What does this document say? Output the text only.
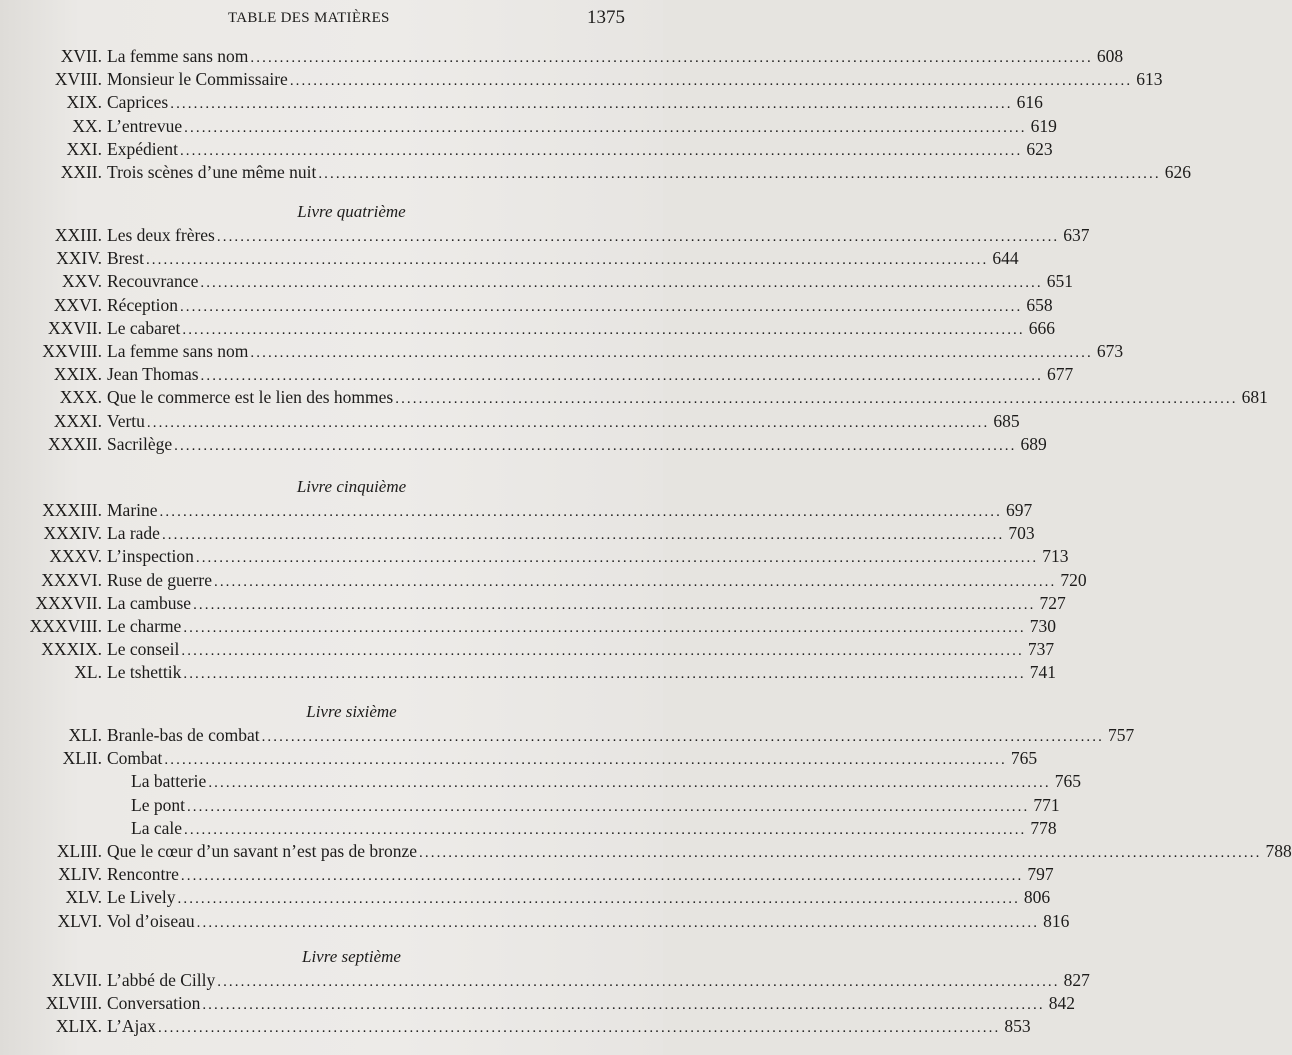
TABLE DES MATIÈRES	1375
XVII. La femme sans nom ................................................................................................................................................ 608
XVIII. Monsieur le Commissaire ................................................................................................................................................ 613
XIX. Caprices ................................................................................................................................................ 616
XX. L’entrevue ................................................................................................................................................ 619
XXI. Expédient ................................................................................................................................................ 623
XXII. Trois scènes d’une même nuit ................................................................................................................................................ 626
Livre quatrième
XXIII. Les deux frères ................................................................................................................................................ 637
XXIV. Brest ................................................................................................................................................ 644
XXV. Recouvrance ................................................................................................................................................ 651
XXVI. Réception ................................................................................................................................................ 658
XXVII. Le cabaret ................................................................................................................................................ 666
XXVIII. La femme sans nom ................................................................................................................................................ 673
XXIX. Jean Thomas ................................................................................................................................................ 677
XXX. Que le commerce est le lien des hommes ................................................................................................................................................ 681
XXXI. Vertu ................................................................................................................................................ 685
XXXII. Sacrilège ................................................................................................................................................ 689
Livre cinquième
XXXIII. Marine ................................................................................................................................................ 697
XXXIV. La rade ................................................................................................................................................ 703
XXXV. L’inspection ................................................................................................................................................ 713
XXXVI. Ruse de guerre ................................................................................................................................................ 720
XXXVII. La cambuse ................................................................................................................................................ 727
XXXVIII. Le charme ................................................................................................................................................ 730
XXXIX. Le conseil ................................................................................................................................................ 737
XL. Le tshettik ................................................................................................................................................ 741
Livre sixième
XLI. Branle-bas de combat ................................................................................................................................................ 757
XLII. Combat ................................................................................................................................................ 765
La batterie ................................................................................................................................................ 765
Le pont ................................................................................................................................................ 771
La cale ................................................................................................................................................ 778
XLIII. Que le cœur d’un savant n’est pas de bronze ................................................................................................................................................ 788
XLIV. Rencontre ................................................................................................................................................ 797
XLV. Le Lively ................................................................................................................................................ 806
XLVI. Vol d’oiseau ................................................................................................................................................ 816
Livre septième
XLVII. L’abbé de Cilly ................................................................................................................................................ 827
XLVIII. Conversation ................................................................................................................................................ 842
XLIX. L’Ajax ................................................................................................................................................ 853
